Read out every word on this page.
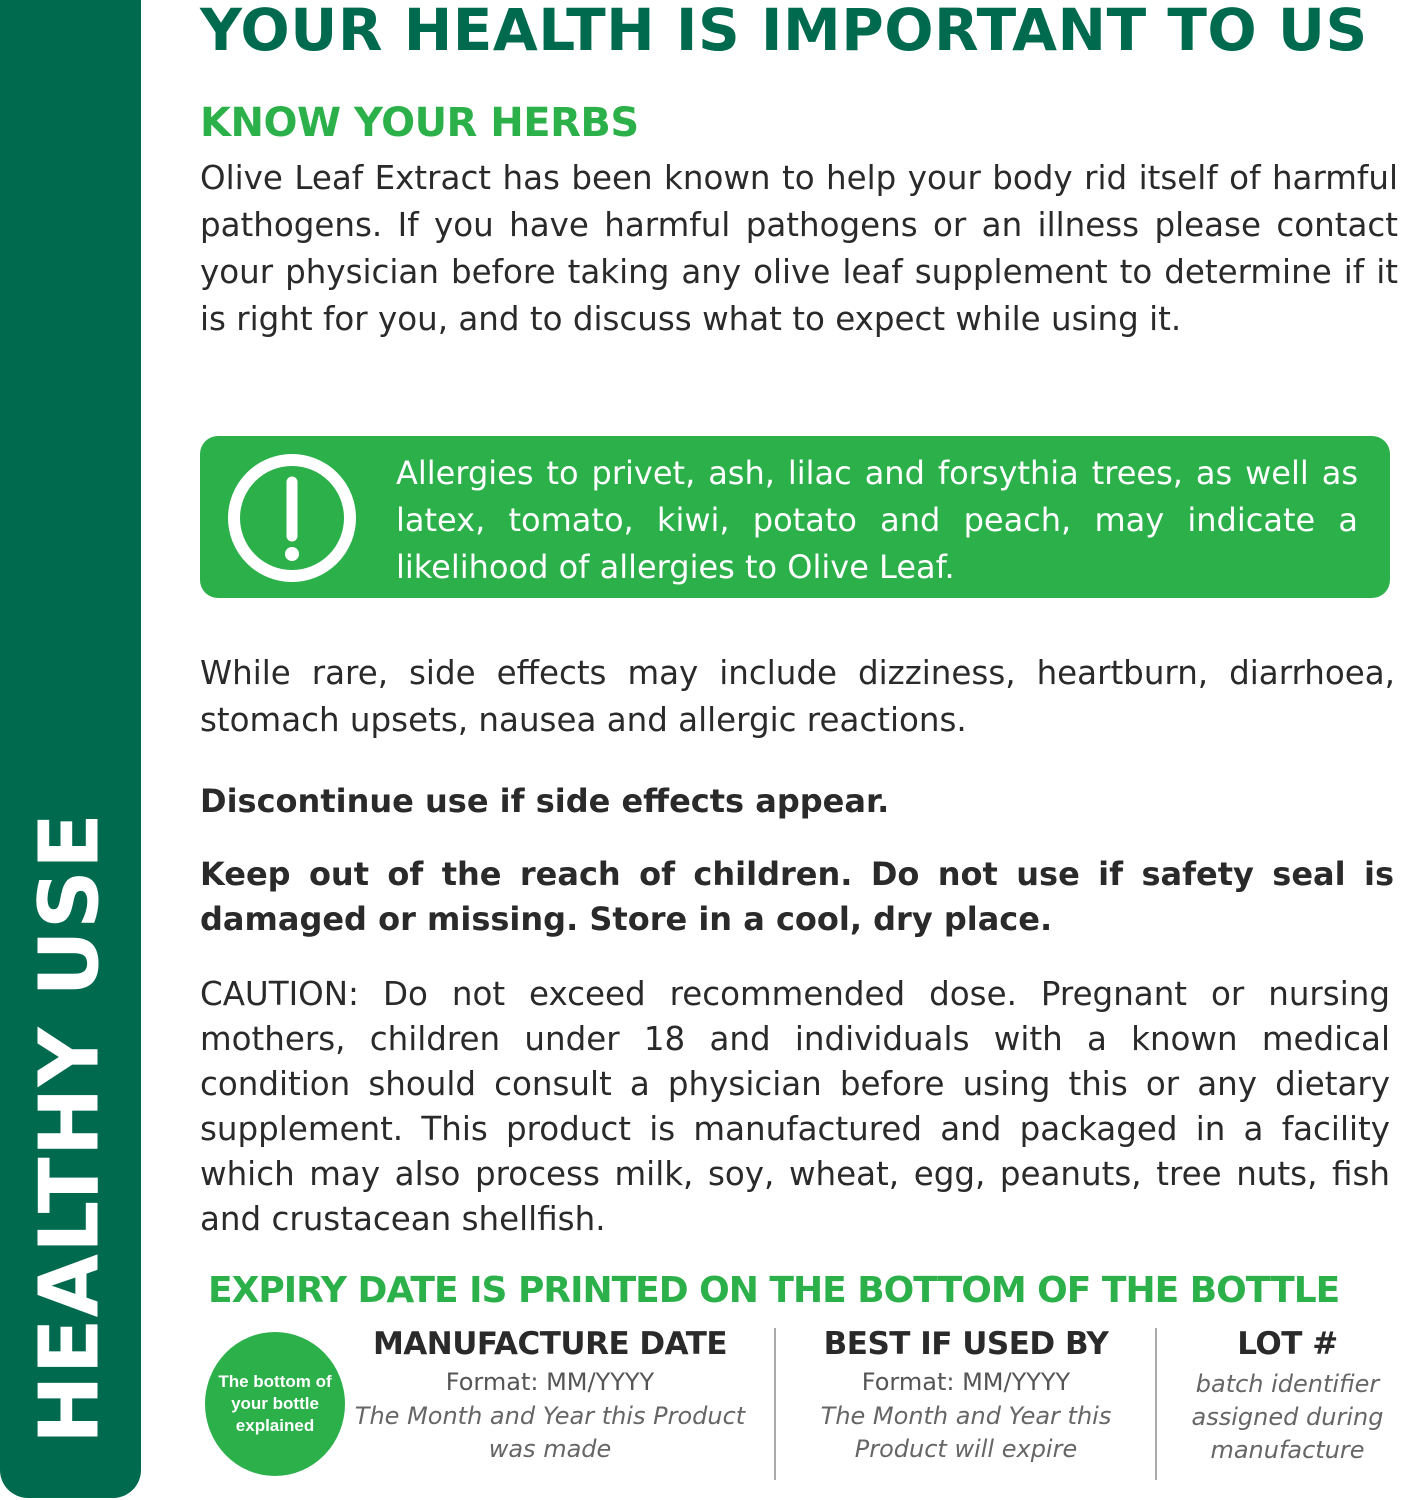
HEALTHY USE
YOUR HEALTH IS IMPORTANT TO US
KNOW YOUR HERBS
Olive Leaf Extract has been known to help your body rid itself of harmful pathogens. If you have harmful pathogens or an illness please contact your physician before taking any olive leaf supplement to determine if it is right for you, and to discuss what to expect while using it.
Allergies to privet, ash, lilac and forsythia trees, as well as latex, tomato, kiwi, potato and peach, may indicate a likelihood of allergies to Olive Leaf.
While rare, side effects may include dizziness, heartburn, diarrhoea, stomach upsets, nausea and allergic reactions.
Discontinue use if side effects appear.
Keep out of the reach of children. Do not use if safety seal is damaged or missing. Store in a cool, dry place.
CAUTION: Do not exceed recommended dose. Pregnant or nursing mothers, children under 18 and individuals with a known medical condition should consult a physician before using this or any dietary supplement. This product is manufactured and packaged in a facility which may also process milk, soy, wheat, egg, peanuts, tree nuts, fish and crustacean shellfish.
EXPIRY DATE IS PRINTED ON THE BOTTOM OF THE BOTTLE
The bottom of your bottle explained
MANUFACTURE DATE
Format: MM/YYYY
The Month and Year this Product was made
BEST IF USED BY
Format: MM/YYYY
The Month and Year this Product will expire
LOT #
batch identifier assigned during manufacture
